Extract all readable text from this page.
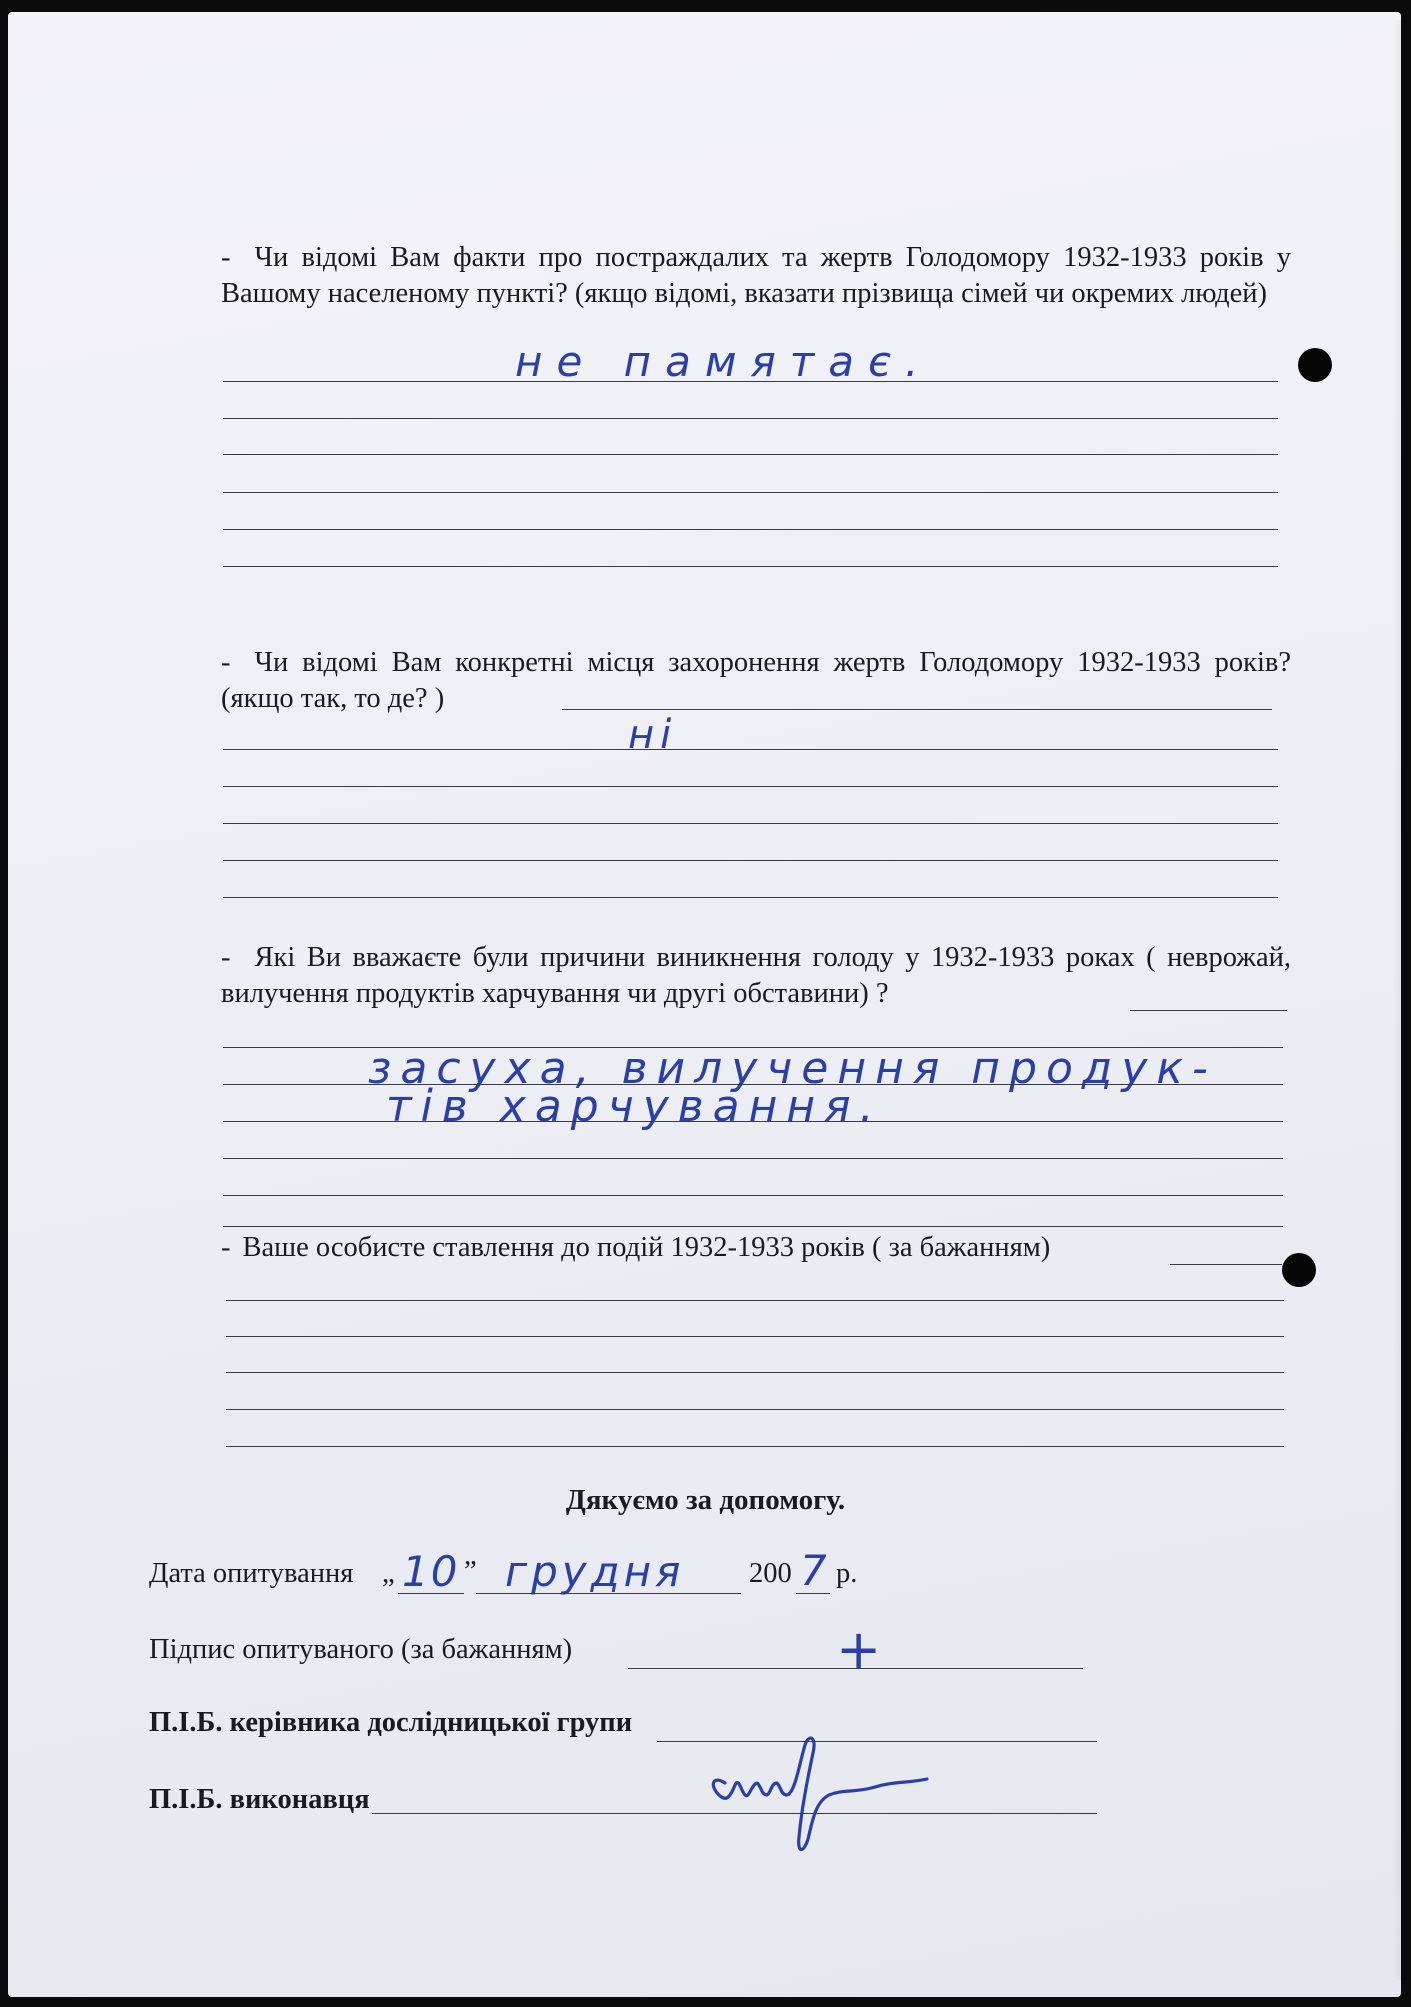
- Чи відомі Вам факти про постраждалих та жертв Голодомору 1932-1933 років у Вашому населеному пункті? (якщо відомі, вказати прізвища сімей чи окремих людей)
не памятає.
- Чи відомі Вам конкретні місця захоронення жертв Голодомору 1932-1933 років? (якщо так, то де? )
ні
- Які Ви вважаєте були причини виникнення голоду у 1932-1933 роках ( неврожай, вилучення продуктів харчування чи другі обставини) ?
засуха, вилучення продук-
тів харчування.
- Ваше особисте ставлення до подій 1932-1933 років ( за бажанням)
Дякуємо за допомогу.
Дата опитування „ 10 ” грудня 200 7 р.
Підпис опитуваного (за бажанням)	+
П.І.Б. керівника дослідницької групи
П.І.Б. виконавця
